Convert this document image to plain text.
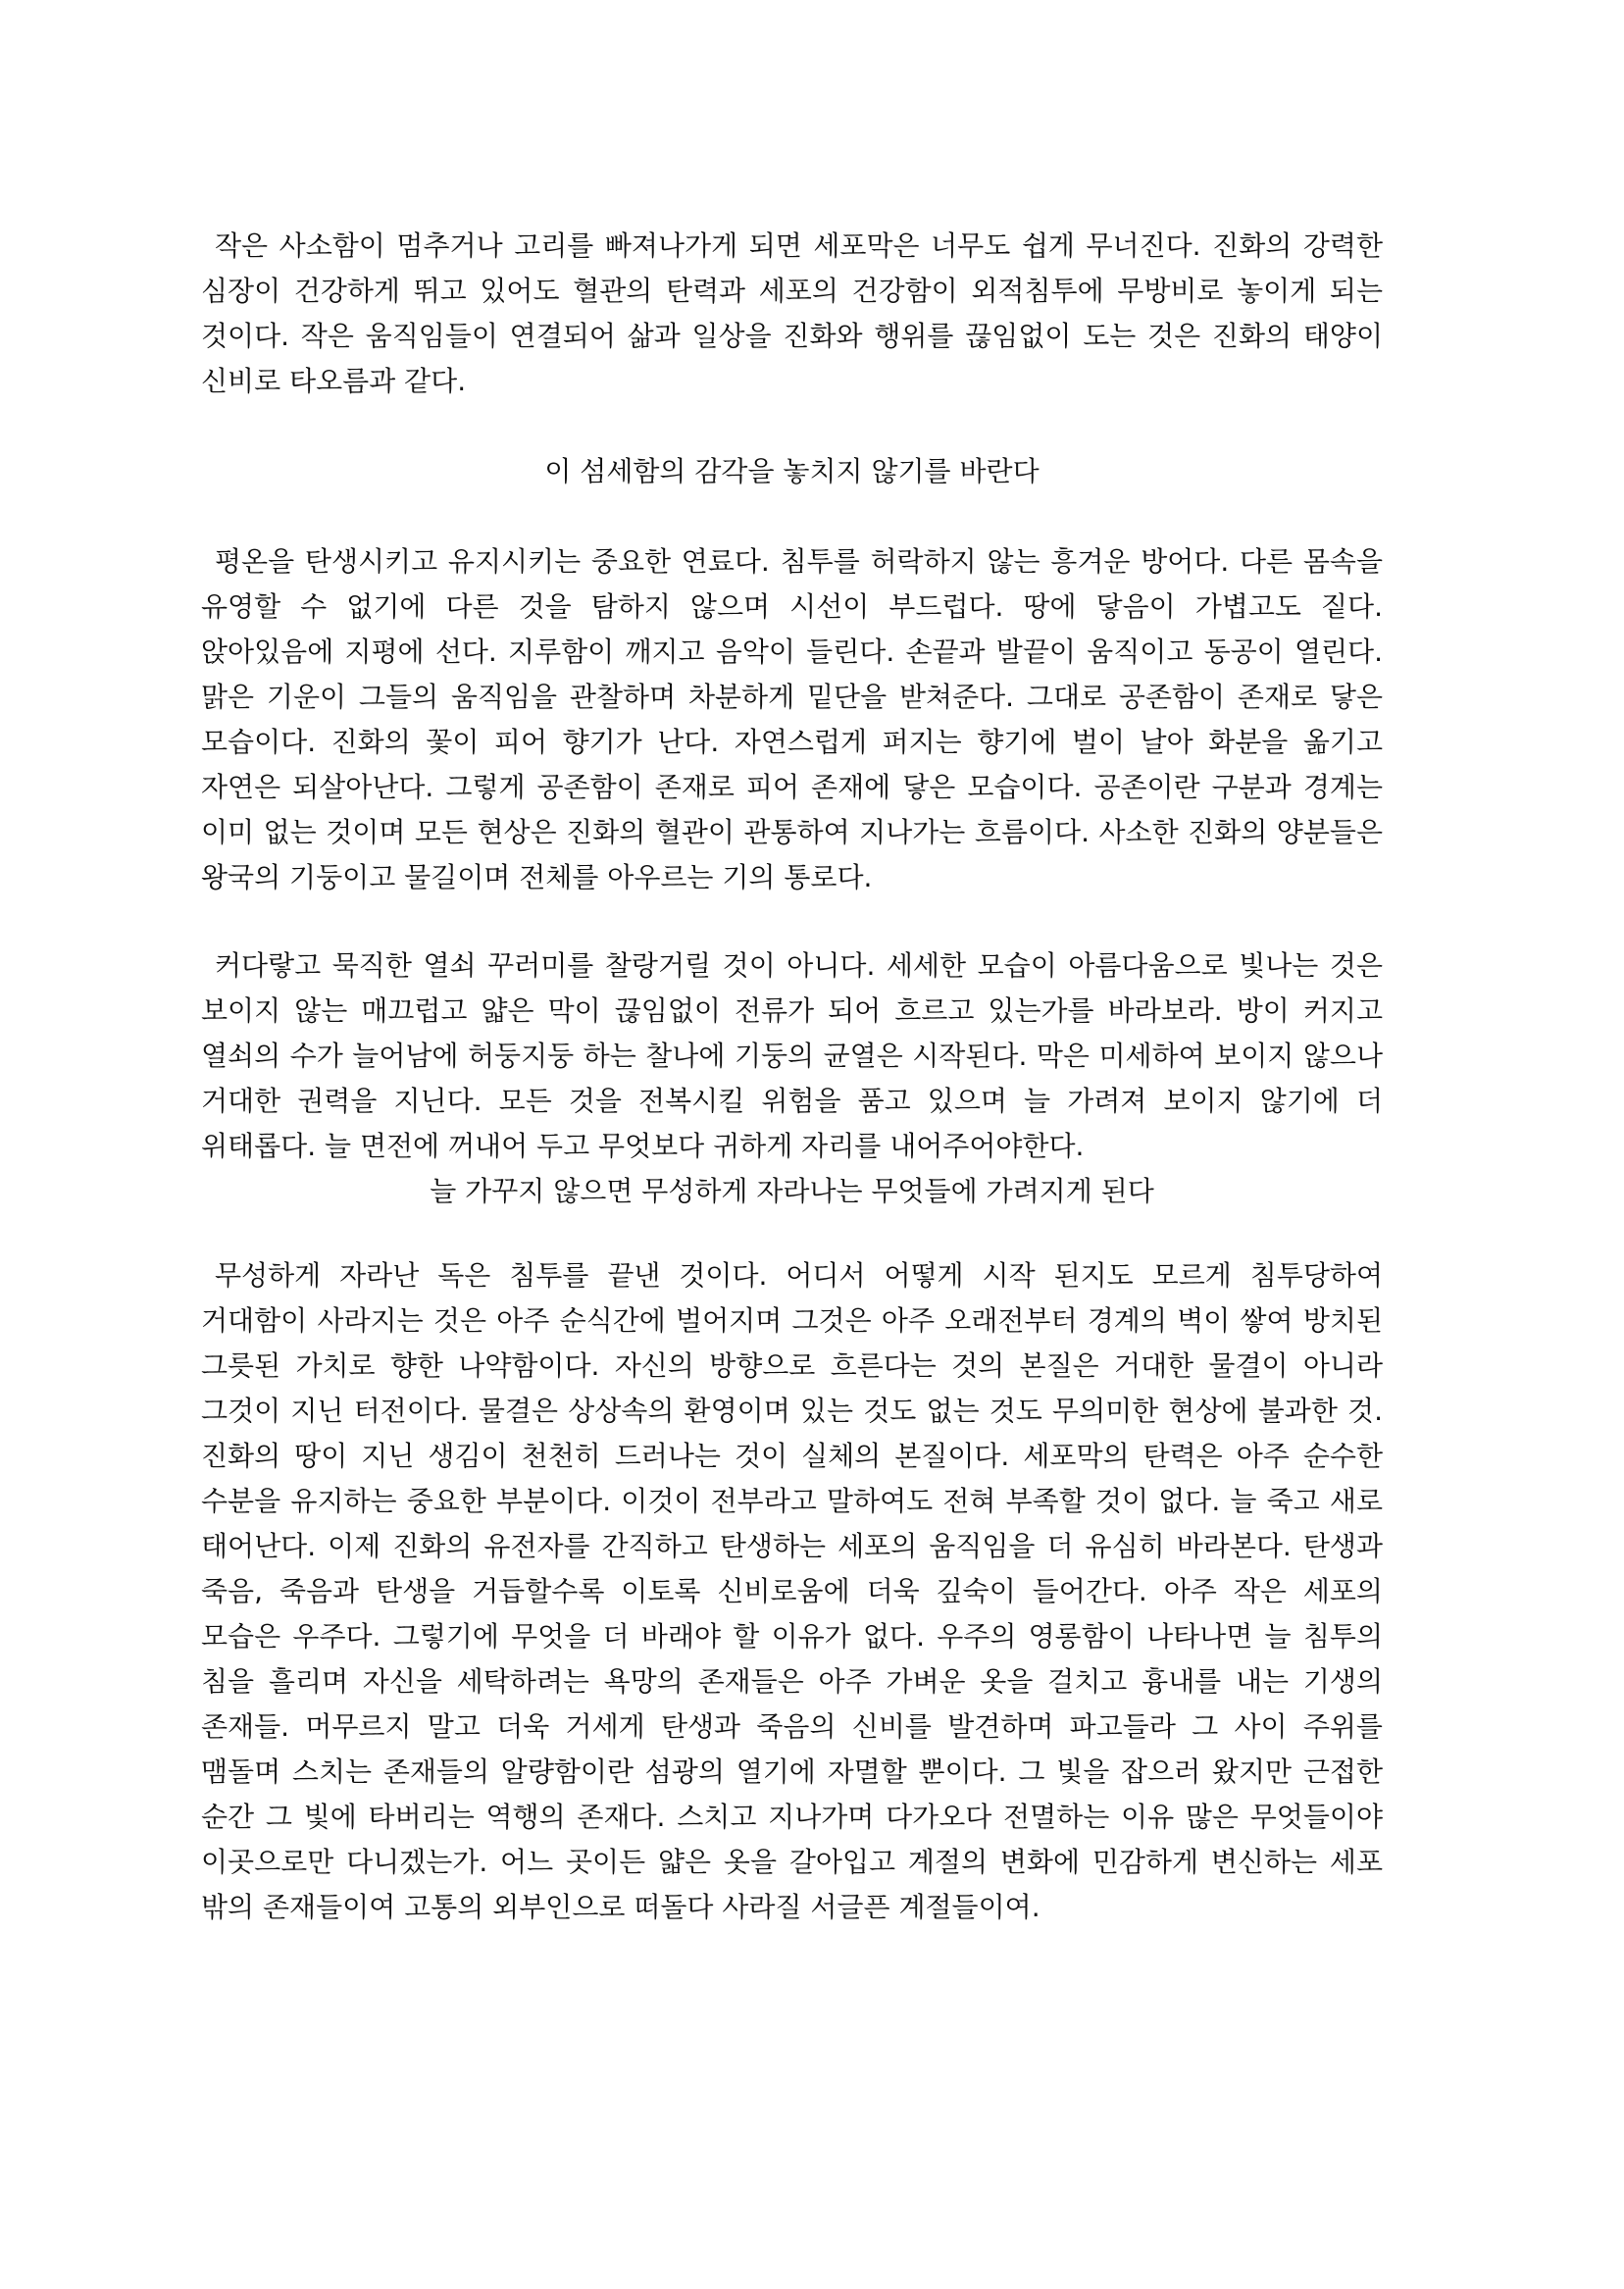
작은 사소함이 멈추거나 고리를 빠져나가게 되면 세포막은 너무도 쉽게 무너진다. 진화의 강력한 심장이 건강하게 뛰고 있어도 혈관의 탄력과 세포의 건강함이 외적침투에 무방비로 놓이게 되는 것이다. 작은 움직임들이 연결되어 삶과 일상을 진화와 행위를 끊임없이 도는 것은 진화의 태양이 신비로 타오름과 같다.

이 섬세함의 감각을 놓치지 않기를 바란다

평온을 탄생시키고 유지시키는 중요한 연료다. 침투를 허락하지 않는 흥겨운 방어다. 다른 몸속을 유영할 수 없기에 다른 것을 탐하지 않으며 시선이 부드럽다. 땅에 닿음이 가볍고도 짙다. 앉아있음에 지평에 선다. 지루함이 깨지고 음악이 들린다. 손끝과 발끝이 움직이고 동공이 열린다. 맑은 기운이 그들의 움직임을 관찰하며 차분하게 밑단을 받쳐준다. 그대로 공존함이 존재로 닿은 모습이다. 진화의 꽃이 피어 향기가 난다. 자연스럽게 퍼지는 향기에 벌이 날아 화분을 옮기고 자연은 되살아난다. 그렇게 공존함이 존재로 피어 존재에 닿은 모습이다. 공존이란 구분과 경계는 이미 없는 것이며 모든 현상은 진화의 혈관이 관통하여 지나가는 흐름이다. 사소한 진화의 양분들은 왕국의 기둥이고 물길이며 전체를 아우르는 기의 통로다.

커다랗고 묵직한 열쇠 꾸러미를 찰랑거릴 것이 아니다. 세세한 모습이 아름다움으로 빛나는 것은 보이지 않는 매끄럽고 얇은 막이 끊임없이 전류가 되어 흐르고 있는가를 바라보라. 방이 커지고 열쇠의 수가 늘어남에 허둥지둥 하는 찰나에 기둥의 균열은 시작된다. 막은 미세하여 보이지 않으나 거대한 권력을 지닌다. 모든 것을 전복시킬 위험을 품고 있으며 늘 가려져 보이지 않기에 더 위태롭다. 늘 면전에 꺼내어 두고 무엇보다 귀하게 자리를 내어주어야한다.

늘 가꾸지 않으면 무성하게 자라나는 무엇들에 가려지게 된다

무성하게 자라난 독은 침투를 끝낸 것이다. 어디서 어떻게 시작 된지도 모르게 침투당하여 거대함이 사라지는 것은 아주 순식간에 벌어지며 그것은 아주 오래전부터 경계의 벽이 쌓여 방치된 그릇된 가치로 향한 나약함이다. 자신의 방향으로 흐른다는 것의 본질은 거대한 물결이 아니라 그것이 지닌 터전이다. 물결은 상상속의 환영이며 있는 것도 없는 것도 무의미한 현상에 불과한 것. 진화의 땅이 지닌 생김이 천천히 드러나는 것이 실체의 본질이다. 세포막의 탄력은 아주 순수한 수분을 유지하는 중요한 부분이다. 이것이 전부라고 말하여도 전혀 부족할 것이 없다. 늘 죽고 새로 태어난다. 이제 진화의 유전자를 간직하고 탄생하는 세포의 움직임을 더 유심히 바라본다. 탄생과 죽음, 죽음과 탄생을 거듭할수록 이토록 신비로움에 더욱 깊숙이 들어간다. 아주 작은 세포의 모습은 우주다. 그렇기에 무엇을 더 바래야 할 이유가 없다. 우주의 영롱함이 나타나면 늘 침투의 침을 흘리며 자신을 세탁하려는 욕망의 존재들은 아주 가벼운 옷을 걸치고 흉내를 내는 기생의 존재들. 머무르지 말고 더욱 거세게 탄생과 죽음의 신비를 발견하며 파고들라 그 사이 주위를 맴돌며 스치는 존재들의 알량함이란 섬광의 열기에 자멸할 뿐이다. 그 빛을 잡으러 왔지만 근접한 순간 그 빛에 타버리는 역행의 존재다. 스치고 지나가며 다가오다 전멸하는 이유 많은 무엇들이야 이곳으로만 다니겠는가. 어느 곳이든 얇은 옷을 갈아입고 계절의 변화에 민감하게 변신하는 세포 밖의 존재들이여 고통의 외부인으로 떠돌다 사라질 서글픈 계절들이여.
